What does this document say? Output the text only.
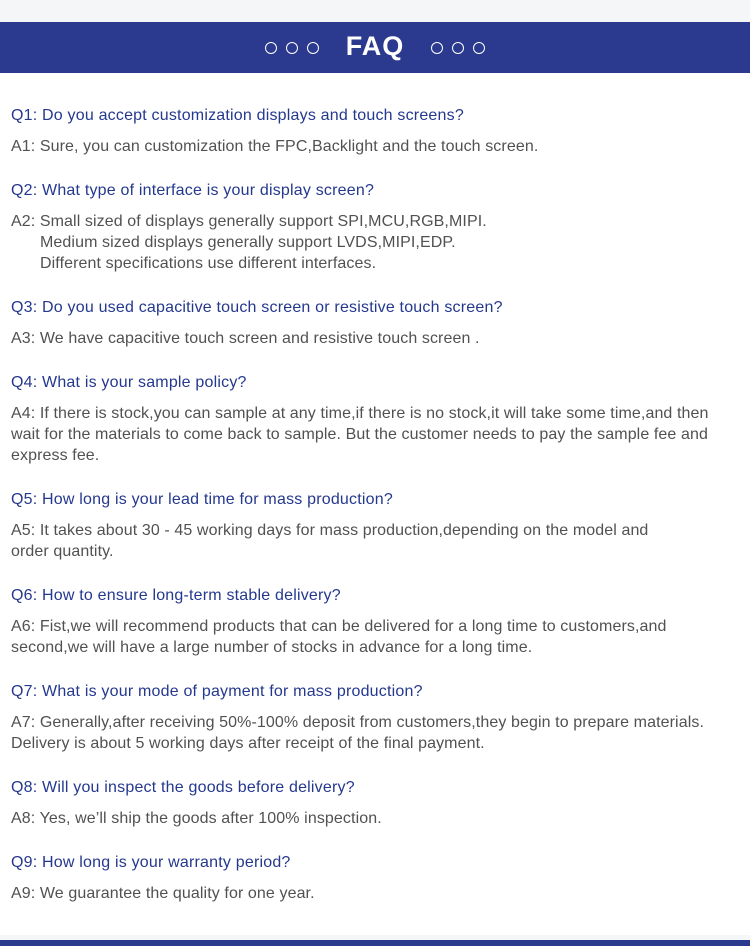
FAQ
Q1: Do you accept customization displays and touch screens?
A1: Sure, you can customization the FPC,Backlight and the touch screen.
Q2: What type of interface is your display screen?
A2: Small sized of displays generally support SPI,MCU,RGB,MIPI.
Medium sized displays generally support LVDS,MIPI,EDP.
Different specifications use different interfaces.
Q3: Do you used capacitive touch screen or resistive touch screen?
A3: We have capacitive touch screen and resistive touch screen .
Q4: What is your sample policy?
A4: If there is stock,you can sample at any time,if there is no stock,it will take some time,and then
wait for the materials to come back to sample. But the customer needs to pay the sample fee and
express fee.
Q5: How long is your lead time for mass production?
A5: It takes about 30 - 45 working days for mass production,depending on the model and
order quantity.
Q6: How to ensure long-term stable delivery?
A6: Fist,we will recommend products that can be delivered for a long time to customers,and
second,we will have a large number of stocks in advance for a long time.
Q7: What is your mode of payment for mass production?
A7: Generally,after receiving 50%-100% deposit from customers,they begin to prepare materials.
Delivery is about 5 working days after receipt of the final payment.
Q8: Will you inspect the goods before delivery?
A8: Yes, we’ll ship the goods after 100% inspection.
Q9: How long is your warranty period?
A9: We guarantee the quality for one year.
